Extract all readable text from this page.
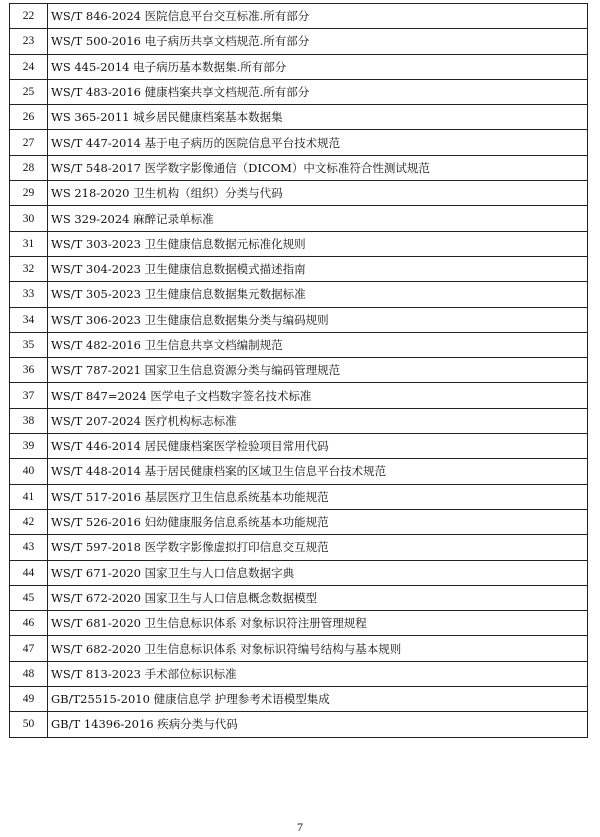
22	WS/T 846-2024 医院信息平台交互标准.所有部分
23	WS/T 500-2016 电子病历共享文档规范.所有部分
24	WS 445-2014 电子病历基本数据集.所有部分
25	WS/T 483-2016 健康档案共享文档规范.所有部分
26	WS 365-2011 城乡居民健康档案基本数据集
27	WS/T 447-2014 基于电子病历的医院信息平台技术规范
28	WS/T 548-2017 医学数字影像通信（DICOM）中文标准符合性测试规范
29	WS 218-2020 卫生机构（组织）分类与代码
30	WS 329-2024 麻醉记录单标准
31	WS/T 303-2023 卫生健康信息数据元标准化规则
32	WS/T 304-2023 卫生健康信息数据模式描述指南
33	WS/T 305-2023 卫生健康信息数据集元数据标准
34	WS/T 306-2023 卫生健康信息数据集分类与编码规则
35	WS/T 482-2016 卫生信息共享文档编制规范
36	WS/T 787-2021 国家卫生信息资源分类与编码管理规范
37	WS/T 847=2024 医学电子文档数字签名技术标准
38	WS/T 207-2024 医疗机构标志标准
39	WS/T 446-2014 居民健康档案医学检验项目常用代码
40	WS/T 448-2014 基于居民健康档案的区域卫生信息平台技术规范
41	WS/T 517-2016 基层医疗卫生信息系统基本功能规范
42	WS/T 526-2016 妇幼健康服务信息系统基本功能规范
43	WS/T 597-2018 医学数字影像虚拟打印信息交互规范
44	WS/T 671-2020 国家卫生与人口信息数据字典
45	WS/T 672-2020 国家卫生与人口信息概念数据模型
46	WS/T 681-2020 卫生信息标识体系 对象标识符注册管理规程
47	WS/T 682-2020 卫生信息标识体系 对象标识符编号结构与基本规则
48	WS/T 813-2023 手术部位标识标准
49	GB/T25515-2010 健康信息学 护理参考术语模型集成
50	GB/T 14396-2016 疾病分类与代码
7
